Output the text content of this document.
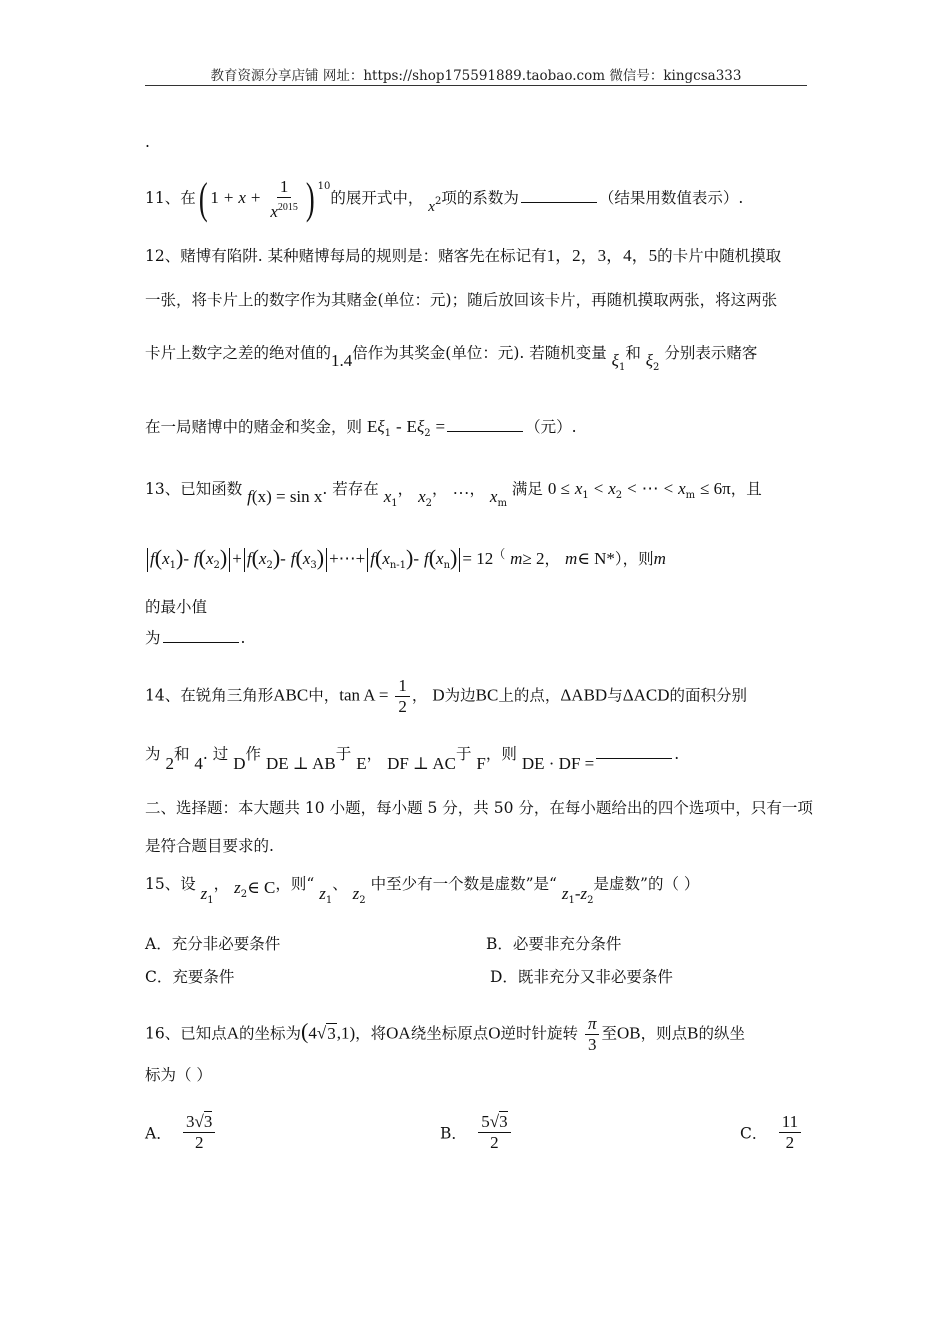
教育资源分享店铺 网址：https://shop175591889.taobao.com 微信号：kingcsa333
.
11、在( $1 + x + \frac{1}{x^{2015}}$ ) $^{10}$的展开式中， $x^2$项的系数为	（结果用数值表示）.
12、赌博有陷阱. 某种赌博每局的规则是：赌客先在标记有1，2，3，4，5的卡片中随机摸取
一张，将卡片上的数字作为其赌金(单位：元)；随后放回该卡片，再随机摸取两张，将这两张
卡片上数字之差的绝对值的1.4倍作为其奖金(单位：元). 若随机变量 $\xi_1$和 $\xi_2$ 分别表示赌客
在一局赌博中的赌金和奖金，则 $E\xi_1 - E\xi_2$ =	（元）.
13、已知函数 f(x) = sin x. 若存在 $x_1$， $x_2$， …， $x_m$ 满足 $0 \le x_1 < x_2$ < ⋯ < $x_m \le 6\pi$，且
$f(x_1)-$ $f(x_2) + f(x_2)-$ $f(x_3)$ +⋯+ $f(x_{n-1})-$ $f(x_n) = 12^($ m≥ 2， m∈ N*），则m
的最小值
为	.
14、在锐角三角形ABC中，$\tan A = \frac{1}{2}$ ， D为边BC上的点，ΔABD与ΔACD的面积分别
为 2和 4. 过 D作 DE ⊥ AB于 E， DF ⊥ AC于 F，则 DE · DF =	.
二、选择题：本大题共 10 小题，每小题 5 分，共 50 分，在每小题给出的四个选项中，只有一项
是符合题目要求的.
15、设 $z_1$， $z_2\in$ C，则“ $z_1$、 $z_2$ 中至少有一个数是虚数”是“ $z_1-z_2$是虚数”的（ ）
A．充分非必要条件	B．必要非充分条件
C．充要条件	D．既非充分又非必要条件
16、已知点A的坐标为(4√3,1)，将OA绕坐标原点O逆时针旋转 $\frac{\pi}{3}$ 至OB，则点B的纵坐
标为（ ）
A． $\frac{3√3}{2}$	B． $\frac{5√3}{2}$	C． $\frac{11}{2}$
